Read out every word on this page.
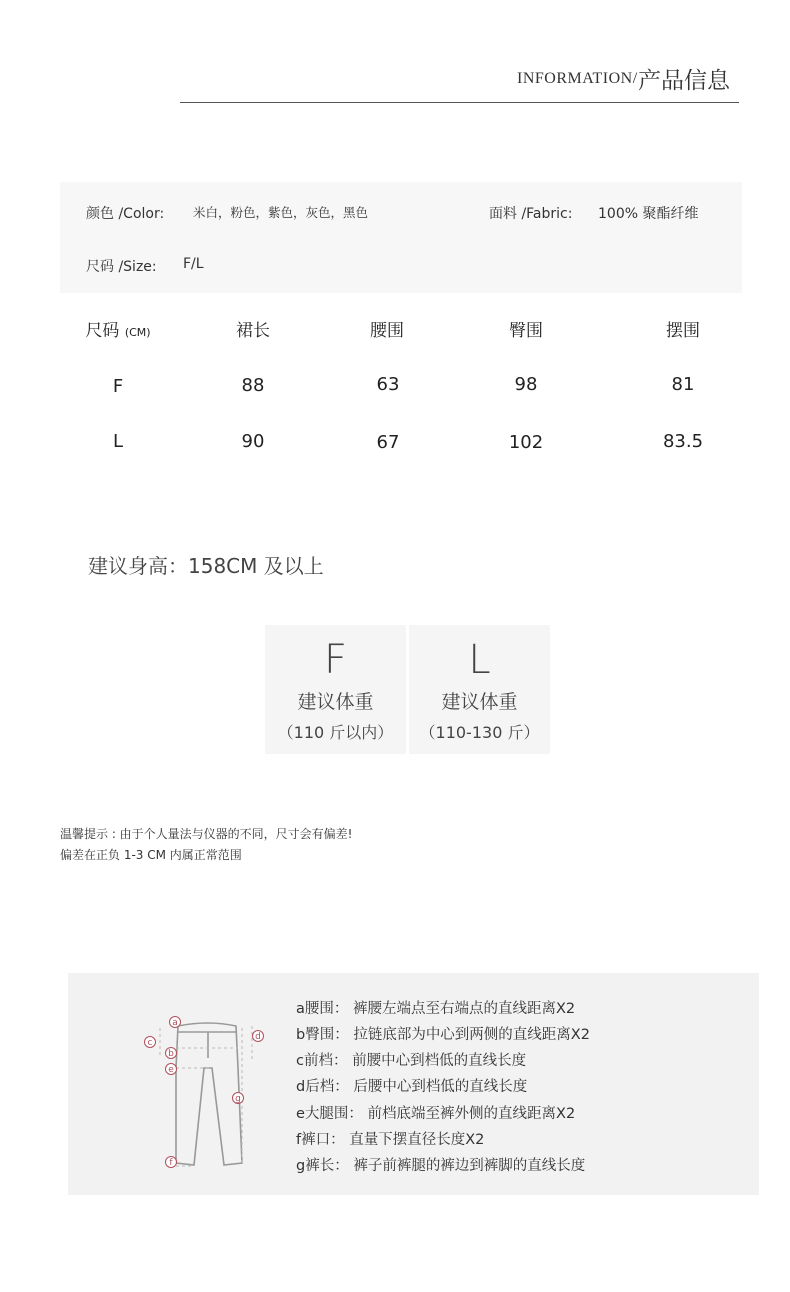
INFORMATION/ 产品信息
颜色 /Color: 米白，粉色，紫色，灰色，黑色	面料 /Fabric: 100% 聚酯纤维
尺码 /Size: F/L
尺码 (CM)	裙长	腰围	臀围	摆围
F	88	63	98	81
L	90	67	102	83.5
建议身高：158CM 及以上
F
建议体重
（110 斤以内）
L
建议体重
（110-130 斤）
温馨提示 : 由于个人量法与仪器的不同，尺寸会有偏差!
偏差在正负 1-3 CM 内属正常范围
a
c
d
b
e
g
f
a腰围： 裤腰左端点至右端点的直线距离X2
b臀围： 拉链底部为中心到两侧的直线距离X2
c前档： 前腰中心到档低的直线长度
d后档： 后腰中心到档低的直线长度
e大腿围： 前档底端至裤外侧的直线距离X2
f裤口： 直量下摆直径长度X2
g裤长： 裤子前裤腿的裤边到裤脚的直线长度
